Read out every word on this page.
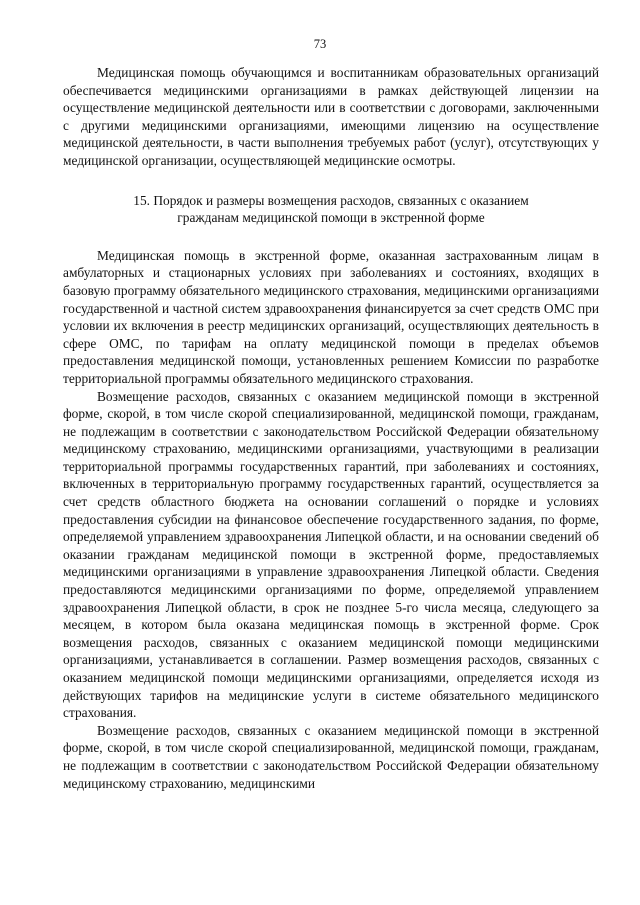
73

Медицинская помощь обучающимся и воспитанникам образовательных организаций обеспечивается медицинскими организациями в рамках действующей лицензии на осуществление медицинской деятельности или в соответствии с договорами, заключенными с другими медицинскими организациями, имеющими лицензию на осуществление медицинской деятельности, в части выполнения требуемых работ (услуг), отсутствующих у медицинской организации, осуществляющей медицинские осмотры.

15. Порядок и размеры возмещения расходов, связанных с оказанием гражданам медицинской помощи в экстренной форме

Медицинская помощь в экстренной форме, оказанная застрахованным лицам в амбулаторных и стационарных условиях при заболеваниях и состояниях, входящих в базовую программу обязательного медицинского страхования, медицинскими организациями государственной и частной систем здравоохранения финансируется за счет средств ОМС при условии их включения в реестр медицинских организаций, осуществляющих деятельность в сфере ОМС, по тарифам на оплату медицинской помощи в пределах объемов предоставления медицинской помощи, установленных решением Комиссии по разработке территориальной программы обязательного медицинского страхования.

Возмещение расходов, связанных с оказанием медицинской помощи в экстренной форме, скорой, в том числе скорой специализированной, медицинской помощи, гражданам, не подлежащим в соответствии с законодательством Российской Федерации обязательному медицинскому страхованию, медицинскими организациями, участвующими в реализации территориальной программы государственных гарантий, при заболеваниях и состояниях, включенных в территориальную программу государственных гарантий, осуществляется за счет средств областного бюджета на основании соглашений о порядке и условиях предоставления субсидии на финансовое обеспечение государственного задания, по форме, определяемой управлением здравоохранения Липецкой области, и на основании сведений об оказании гражданам медицинской помощи в экстренной форме, предоставляемых медицинскими организациями в управление здравоохранения Липецкой области. Сведения предоставляются медицинскими организациями по форме, определяемой управлением здравоохранения Липецкой области, в срок не позднее 5-го числа месяца, следующего за месяцем, в котором была оказана медицинская помощь в экстренной форме. Срок возмещения расходов, связанных с оказанием медицинской помощи медицинскими организациями, устанавливается в соглашении. Размер возмещения расходов, связанных с оказанием медицинской помощи медицинскими организациями, определяется исходя из действующих тарифов на медицинские услуги в системе обязательного медицинского страхования.

Возмещение расходов, связанных с оказанием медицинской помощи в экстренной форме, скорой, в том числе скорой специализированной, медицинской помощи, гражданам, не подлежащим в соответствии с законодательством Российской Федерации обязательному медицинскому страхованию, медицинскими
